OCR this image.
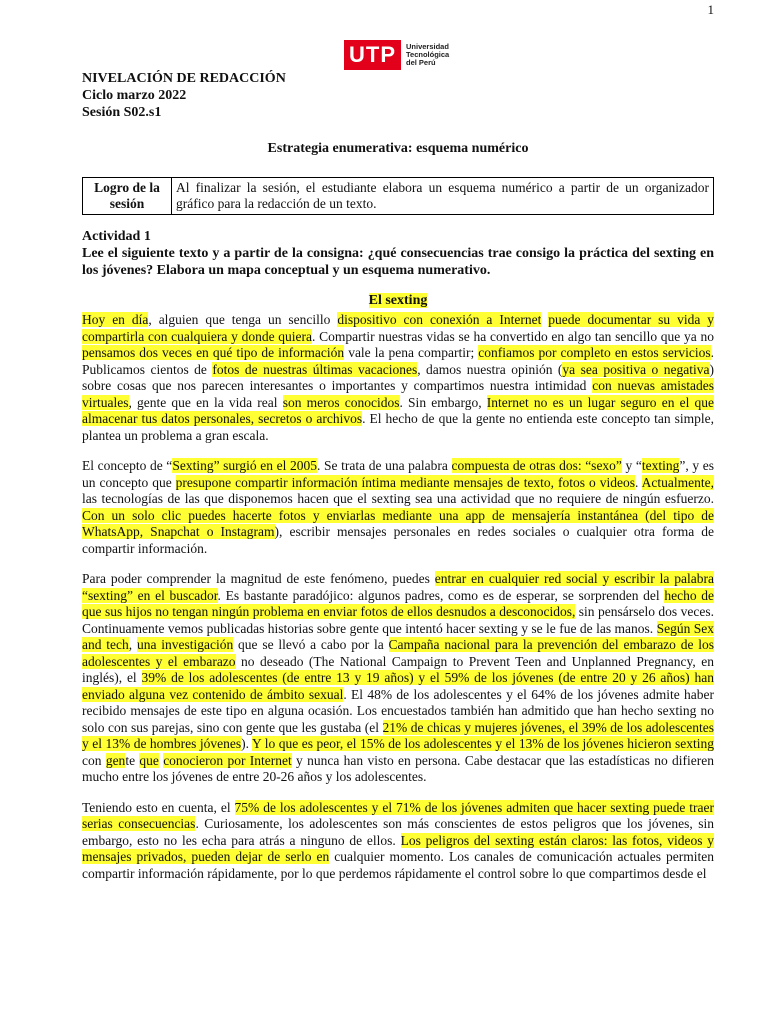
1
UTP	Universidad
Tecnológica
del Perú
NIVELACIÓN DE REDACCIÓN
Ciclo marzo 2022
Sesión S02.s1
Estrategia enumerativa: esquema numérico
Logro de la sesión	Al finalizar la sesión, el estudiante elabora un esquema numérico a partir de un organizador gráfico para la redacción de un texto.
Actividad 1
Lee el siguiente texto y a partir de la consigna: ¿qué consecuencias trae consigo la práctica del sexting en los jóvenes? Elabora un mapa conceptual y un esquema numerativo.
El sexting

Hoy en día, alguien que tenga un sencillo dispositivo con conexión a Internet puede documentar su vida y compartirla con cualquiera y donde quiera. Compartir nuestras vidas se ha convertido en algo tan sencillo que ya no pensamos dos veces en qué tipo de información vale la pena compartir; confiamos por completo en estos servicios. Publicamos cientos de fotos de nuestras últimas vacaciones, damos nuestra opinión (ya sea positiva o negativa) sobre cosas que nos parecen interesantes o importantes y compartimos nuestra intimidad con nuevas amistades virtuales, gente que en la vida real son meros conocidos. Sin embargo, Internet no es un lugar seguro en el que almacenar tus datos personales, secretos o archivos. El hecho de que la gente no entienda este concepto tan simple, plantea un problema a gran escala.

El concepto de “Sexting” surgió en el 2005. Se trata de una palabra compuesta de otras dos: “sexo” y “texting”, y es un concepto que presupone compartir información íntima mediante mensajes de texto, fotos o videos. Actualmente, las tecnologías de las que disponemos hacen que el sexting sea una actividad que no requiere de ningún esfuerzo. Con un solo clic puedes hacerte fotos y enviarlas mediante una app de mensajería instantánea (del tipo de WhatsApp, Snapchat o Instagram), escribir mensajes personales en redes sociales o cualquier otra forma de compartir información.

Para poder comprender la magnitud de este fenómeno, puedes entrar en cualquier red social y escribir la palabra “sexting” en el buscador. Es bastante paradójico: algunos padres, como es de esperar, se sorprenden del hecho de que sus hijos no tengan ningún problema en enviar fotos de ellos desnudos a desconocidos, sin pensárselo dos veces. Continuamente vemos publicadas historias sobre gente que intentó hacer sexting y se le fue de las manos. Según Sex and tech, una investigación que se llevó a cabo por la Campaña nacional para la prevención del embarazo de los adolescentes y el embarazo no deseado (The National Campaign to Prevent Teen and Unplanned Pregnancy, en inglés), el 39% de los adolescentes (de entre 13 y 19 años) y el 59% de los jóvenes (de entre 20 y 26 años) han enviado alguna vez contenido de ámbito sexual. El 48% de los adolescentes y el 64% de los jóvenes admite haber recibido mensajes de este tipo en alguna ocasión. Los encuestados también han admitido que han hecho sexting no solo con sus parejas, sino con gente que les gustaba (el 21% de chicas y mujeres jóvenes, el 39% de los adolescentes y el 13% de hombres jóvenes). Y lo que es peor, el 15% de los adolescentes y el 13% de los jóvenes hicieron sexting con gente que conocieron por Internet y nunca han visto en persona. Cabe destacar que las estadísticas no difieren mucho entre los jóvenes de entre 20-26 años y los adolescentes.

Teniendo esto en cuenta, el 75% de los adolescentes y el 71% de los jóvenes admiten que hacer sexting puede traer serias consecuencias. Curiosamente, los adolescentes son más conscientes de estos peligros que los jóvenes, sin embargo, esto no les echa para atrás a ninguno de ellos. Los peligros del sexting están claros: las fotos, videos y mensajes privados, pueden dejar de serlo en cualquier momento. Los canales de comunicación actuales permiten compartir información rápidamente, por lo que perdemos rápidamente el control sobre lo que compartimos desde el
